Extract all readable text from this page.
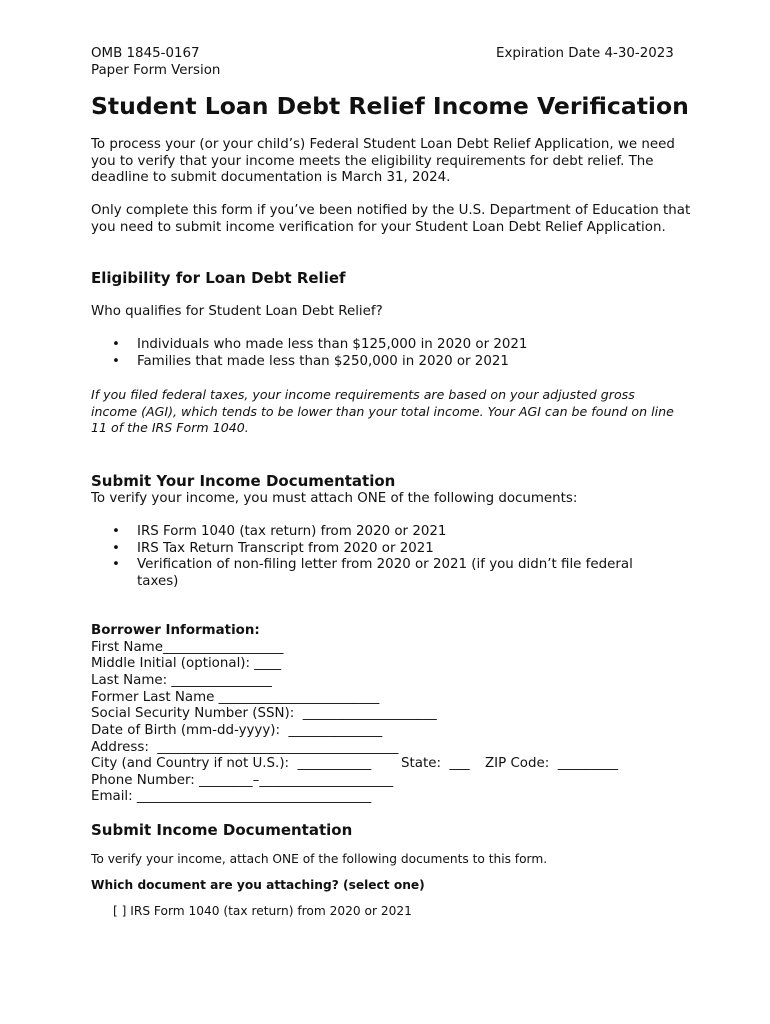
OMB 1845-0167
Paper Form Version
Expiration Date 4-30-2023
Student Loan Debt Relief Income Verification
To process your (or your child’s) Federal Student Loan Debt Relief Application, we need you to verify that your income meets the eligibility requirements for debt relief. The deadline to submit documentation is March 31, 2024.
Only complete this form if you’ve been notified by the U.S. Department of Education that you need to submit income verification for your Student Loan Debt Relief Application.
Eligibility for Loan Debt Relief
Who qualifies for Student Loan Debt Relief?
• Individuals who made less than $125,000 in 2020 or 2021
• Families that made less than $250,000 in 2020 or 2021
If you filed federal taxes, your income requirements are based on your adjusted gross income (AGI), which tends to be lower than your total income. Your AGI can be found on line 11 of the IRS Form 1040.
Submit Your Income Documentation
To verify your income, you must attach ONE of the following documents:
• IRS Form 1040 (tax return) from 2020 or 2021
• IRS Tax Return Transcript from 2020 or 2021
• Verification of non-filing letter from 2020 or 2021 (if you didn’t file federal taxes)
Borrower Information:
First Name__________________
Middle Initial (optional): ____
Last Name: _______________
Former Last Name ________________________
Social Security Number (SSN):  ____________________
Date of Birth (mm-dd-yyyy):  ______________
Address:  ____________________________________
City (and Country if not U.S.):  ___________ State:  ___ ZIP Code:  _________
Phone Number: ________–____________________
Email: ___________________________________
Submit Income Documentation
To verify your income, attach ONE of the following documents to this form.
Which document are you attaching? (select one)
[ ] IRS Form 1040 (tax return) from 2020 or 2021
